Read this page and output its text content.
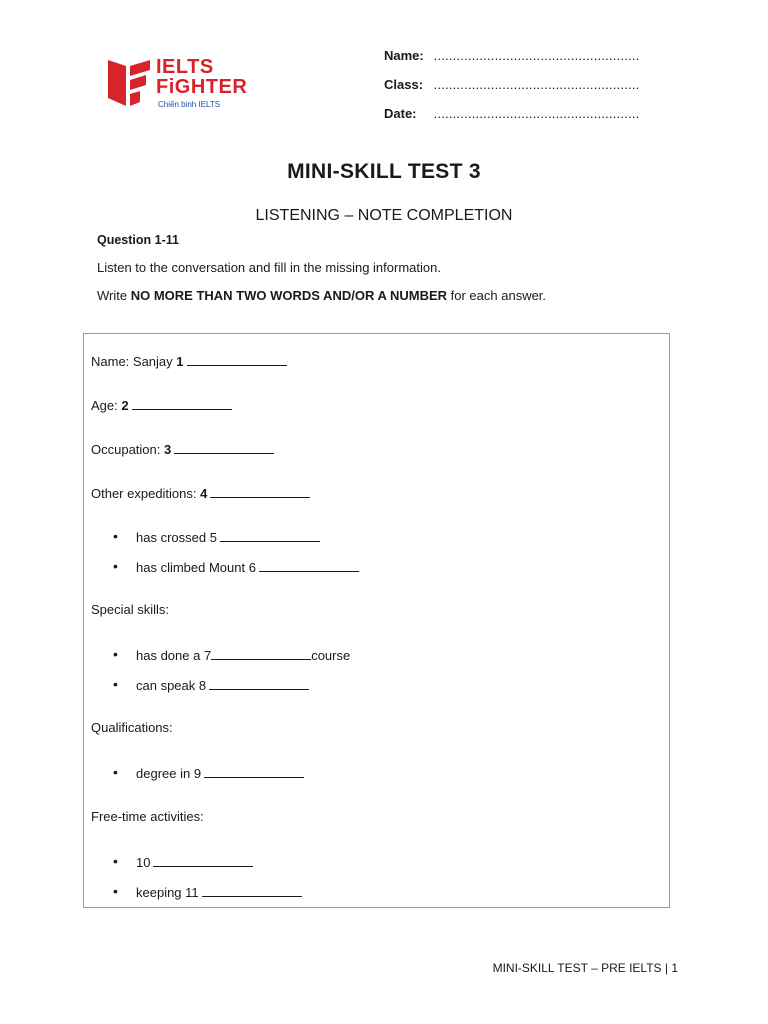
IELTS
FiGHTER
Chiến binh IELTS
Name: ......................................................
Class: ......................................................
Date: ......................................................
MINI-SKILL TEST 3
LISTENING – NOTE COMPLETION
Question 1-11
Listen to the conversation and fill in the missing information.
Write NO MORE THAN TWO WORDS AND/OR A NUMBER for each answer.
Name: Sanjay 1
Age: 2
Occupation: 3
Other expeditions: 4
• has crossed 5
• has climbed Mount 6
Special skills:
• has done a 7	course
• can speak 8
Qualifications:
• degree in 9
Free-time activities:
• 10
• keeping 11
MINI-SKILL TEST – PRE IELTS | 1
